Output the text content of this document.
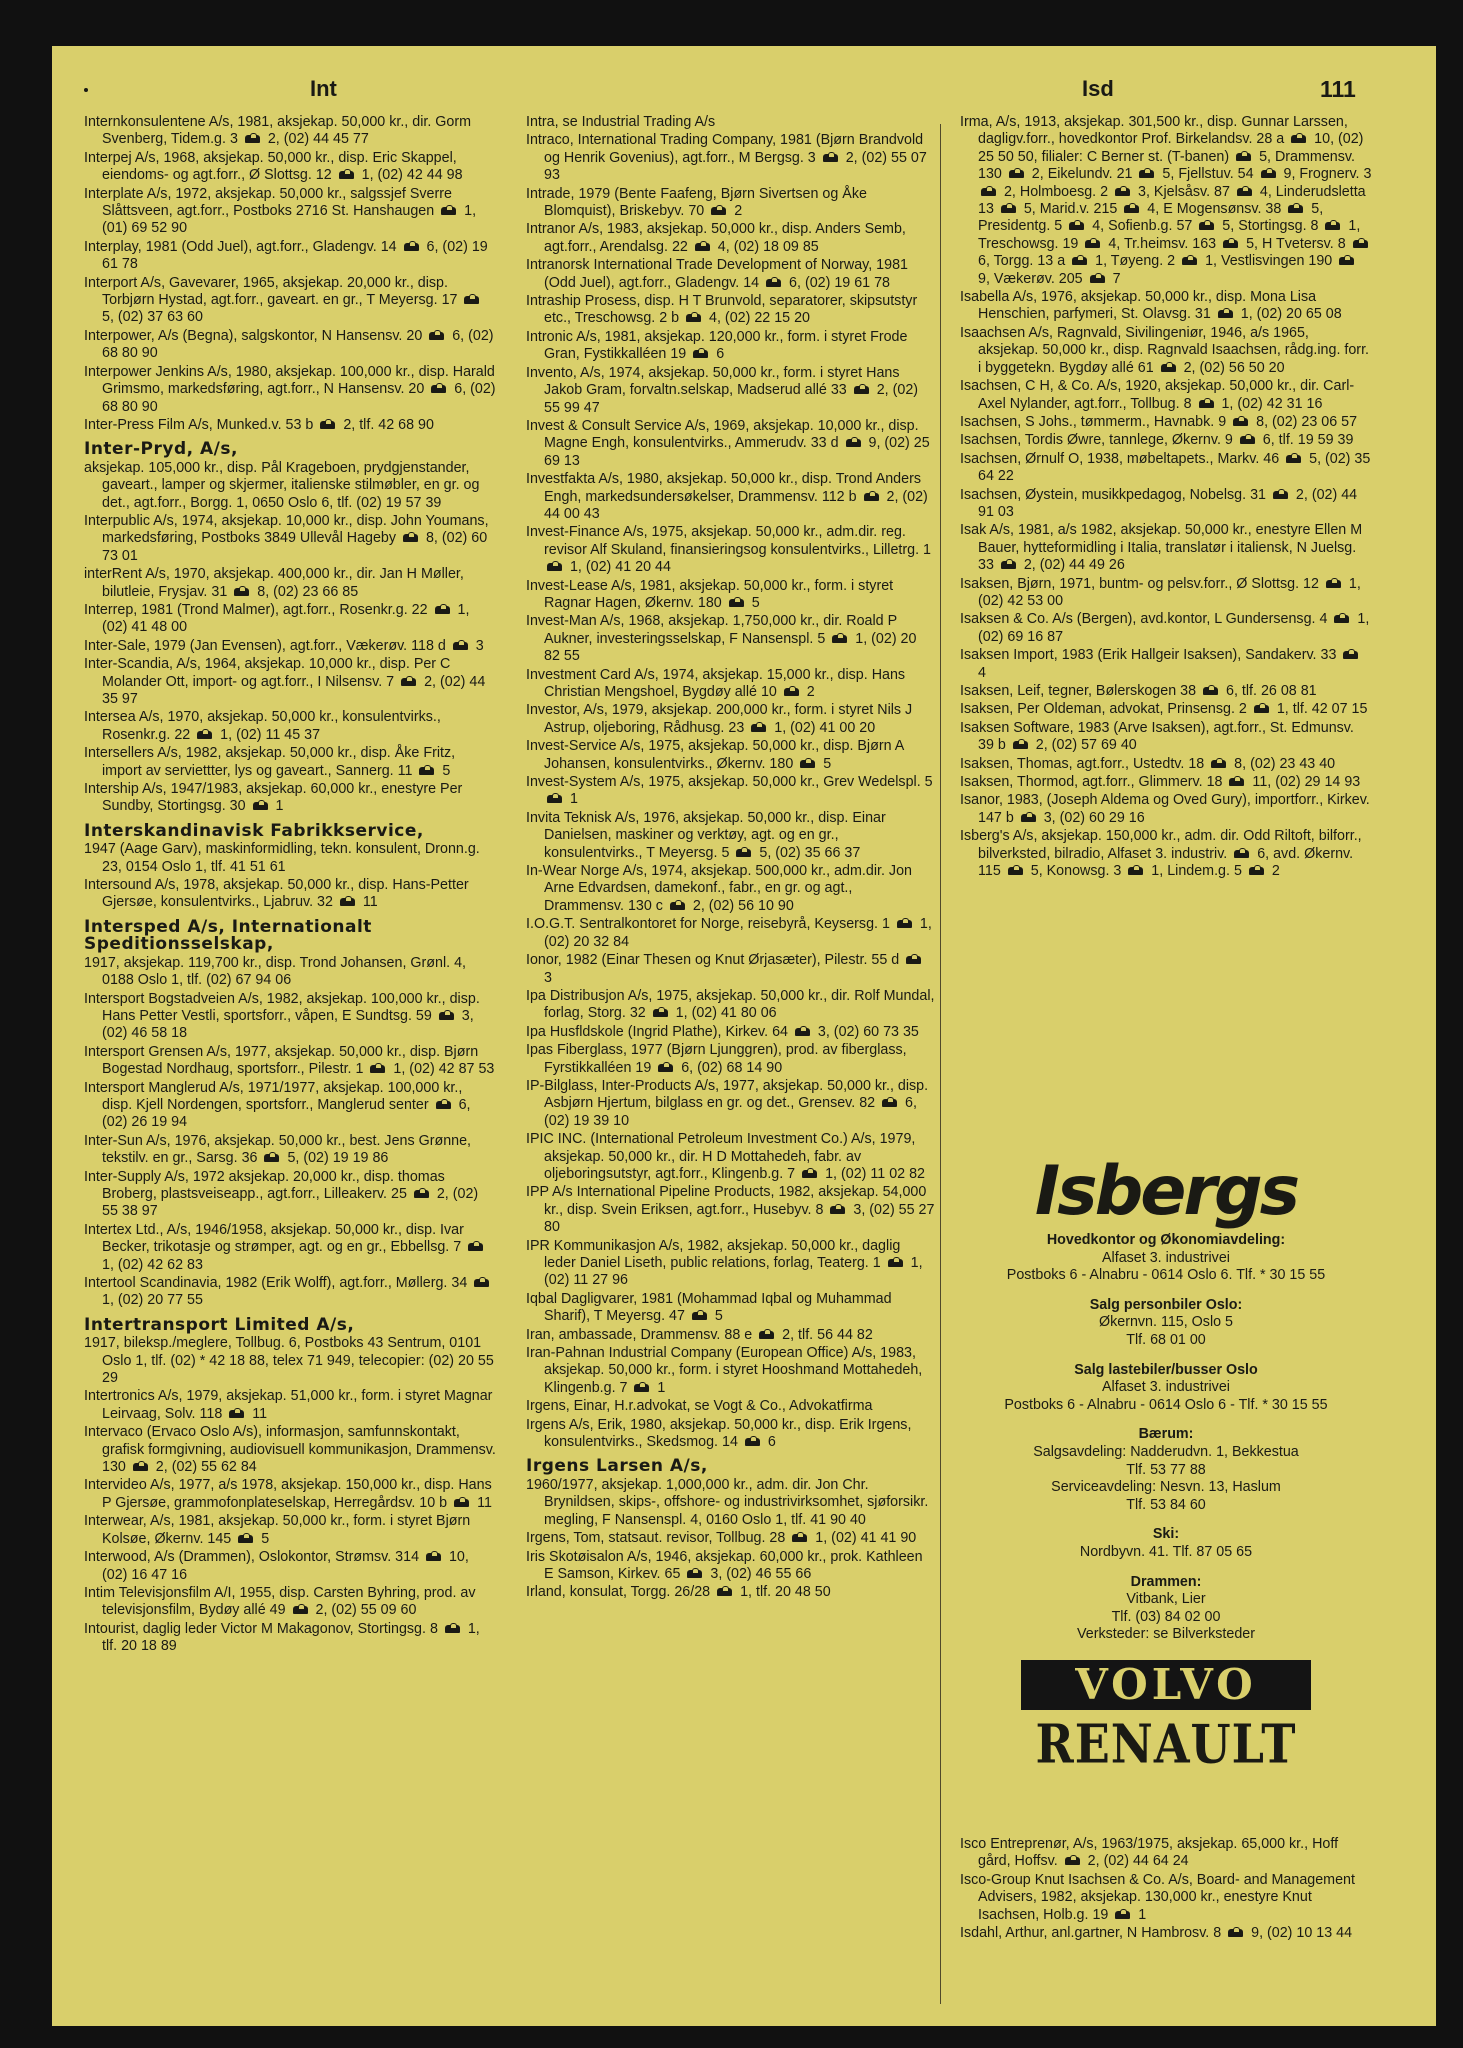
Int	Isd	111
Internkonsulentene A/s, 1981, aksjekap. 50,000 kr., dir. Gorm Svenberg, Tidem.g. 3  2, (02) 44 45 77
Interpej A/s, 1968, aksjekap. 50,000 kr., disp. Eric Skappel, eiendoms- og agt.forr., Ø Slottsg. 12  1, (02) 42 44 98
Interplate A/s, 1972, aksjekap. 50,000 kr., salgssjef Sverre Slåttsveen, agt.forr., Postboks 2716 St. Hanshaugen  1, (01) 69 52 90
Interplay, 1981 (Odd Juel), agt.forr., Gladengv. 14  6, (02) 19 61 78
Interport A/s, Gavevarer, 1965, aksjekap. 20,000 kr., disp. Torbjørn Hystad, agt.forr., gaveart. en gr., T Meyersg. 17  5, (02) 37 63 60
Interpower, A/s (Begna), salgskontor, N Hansensv. 20  6, (02) 68 80 90
Interpower Jenkins A/s, 1980, aksjekap. 100,000 kr., disp. Harald Grimsmo, markedsføring, agt.forr., N Hansensv. 20  6, (02) 68 80 90
Inter-Press Film A/s, Munked.v. 53 b  2, tlf. 42 68 90
Inter-Pryd, A/s,
aksjekap. 105,000 kr., disp. Pål Krageboen, prydgjenstander, gaveart., lamper og skjermer, italienske stilmøbler, en gr. og det., agt.forr., Borgg. 1, 0650 Oslo 6, tlf. (02) 19 57 39
Interpublic A/s, 1974, aksjekap. 10,000 kr., disp. John Youmans, markedsføring, Postboks 3849 Ullevål Hageby  8, (02) 60 73 01
interRent A/s, 1970, aksjekap. 400,000 kr., dir. Jan H Møller, bilutleie, Frysjav. 31  8, (02) 23 66 85
Interrep, 1981 (Trond Malmer), agt.forr., Rosenkr.g. 22  1, (02) 41 48 00
Inter-Sale, 1979 (Jan Evensen), agt.forr., Vækerøv. 118 d  3
Inter-Scandia, A/s, 1964, aksjekap. 10,000 kr., disp. Per C Molander Ott, import- og agt.forr., I Nilsensv. 7  2, (02) 44 35 97
Intersea A/s, 1970, aksjekap. 50,000 kr., konsulentvirks., Rosenkr.g. 22  1, (02) 11 45 37
Intersellers A/s, 1982, aksjekap. 50,000 kr., disp. Åke Fritz, import av serviettter, lys og gaveart., Sannerg. 11  5
Intership A/s, 1947/1983, aksjekap. 60,000 kr., enestyre Per Sundby, Stortingsg. 30  1
Interskandinavisk Fabrikkservice,
1947 (Aage Garv), maskinformidling, tekn. konsulent, Dronn.g. 23, 0154 Oslo 1, tlf. 41 51 61
Intersound A/s, 1978, aksjekap. 50,000 kr., disp. Hans-Petter Gjersøe, konsulentvirks., Ljabruv. 32  11
Intersped A/s, Internationalt Speditionsselskap,
1917, aksjekap. 119,700 kr., disp. Trond Johansen, Grønl. 4, 0188 Oslo 1, tlf. (02) 67 94 06
Intersport Bogstadveien A/s, 1982, aksjekap. 100,000 kr., disp. Hans Petter Vestli, sportsforr., våpen, E Sundtsg. 59  3, (02) 46 58 18
Intersport Grensen A/s, 1977, aksjekap. 50,000 kr., disp. Bjørn Bogestad Nordhaug, sportsforr., Pilestr. 1  1, (02) 42 87 53
Intersport Manglerud A/s, 1971/1977, aksjekap. 100,000 kr., disp. Kjell Nordengen, sportsforr., Manglerud senter  6, (02) 26 19 94
Inter-Sun A/s, 1976, aksjekap. 50,000 kr., best. Jens Grønne, tekstilv. en gr., Sarsg. 36  5, (02) 19 19 86
Inter-Supply A/s, 1972 aksjekap. 20,000 kr., disp. thomas Broberg, plastsveiseapp., agt.forr., Lilleakerv. 25  2, (02) 55 38 97
Intertex Ltd., A/s, 1946/1958, aksjekap. 50,000 kr., disp. Ivar Becker, trikotasje og strømper, agt. og en gr., Ebbellsg. 7  1, (02) 42 62 83
Intertool Scandinavia, 1982 (Erik Wolff), agt.forr., Møllerg. 34  1, (02) 20 77 55
Intertransport Limited A/s,
1917, bileksp./meglere, Tollbug. 6, Postboks 43 Sentrum, 0101 Oslo 1, tlf. (02) * 42 18 88, telex 71 949, telecopier: (02) 20 55 29
Intertronics A/s, 1979, aksjekap. 51,000 kr., form. i styret Magnar Leirvaag, Solv. 118  11
Intervaco (Ervaco Oslo A/s), informasjon, samfunnskontakt, grafisk formgivning, audiovisuell kommunikasjon, Drammensv. 130  2, (02) 55 62 84
Intervideo A/s, 1977, a/s 1978, aksjekap. 150,000 kr., disp. Hans P Gjersøe, grammofonplateselskap, Herregårdsv. 10 b  11
Interwear, A/s, 1981, aksjekap. 50,000 kr., form. i styret Bjørn Kolsøe, Økernv. 145  5
Interwood, A/s (Drammen), Oslokontor, Strømsv. 314  10, (02) 16 47 16
Intim Televisjonsfilm A/I, 1955, disp. Carsten Byhring, prod. av televisjonsfilm, Bydøy allé 49  2, (02) 55 09 60
Intourist, daglig leder Victor M Makagonov, Stortingsg. 8  1, tlf. 20 18 89
Intra, se Industrial Trading A/s
Intraco, International Trading Company, 1981 (Bjørn Brandvold og Henrik Govenius), agt.forr., M Bergsg. 3  2, (02) 55 07 93
Intrade, 1979 (Bente Faafeng, Bjørn Sivertsen og Åke Blomquist), Briskebyv. 70  2
Intranor A/s, 1983, aksjekap. 50,000 kr., disp. Anders Semb, agt.forr., Arendalsg. 22  4, (02) 18 09 85
Intranorsk International Trade Development of Norway, 1981 (Odd Juel), agt.forr., Gladengv. 14  6, (02) 19 61 78
Intraship Prosess, disp. H T Brunvold, separatorer, skipsutstyr etc., Treschowsg. 2 b  4, (02) 22 15 20
Intronic A/s, 1981, aksjekap. 120,000 kr., form. i styret Frode Gran, Fystikkalléen 19  6
Invento, A/s, 1974, aksjekap. 50,000 kr., form. i styret Hans Jakob Gram, forvaltn.selskap, Madserud allé 33  2, (02) 55 99 47
Invest & Consult Service A/s, 1969, aksjekap. 10,000 kr., disp. Magne Engh, konsulentvirks., Ammerudv. 33 d  9, (02) 25 69 13
Investfakta A/s, 1980, aksjekap. 50,000 kr., disp. Trond Anders Engh, markedsundersøkelser, Drammensv. 112 b  2, (02) 44 00 43
Invest-Finance A/s, 1975, aksjekap. 50,000 kr., adm.dir. reg. revisor Alf Skuland, finansieringsog konsulentvirks., Lilletrg. 1  1, (02) 41 20 44
Invest-Lease A/s, 1981, aksjekap. 50,000 kr., form. i styret Ragnar Hagen, Økernv. 180  5
Invest-Man A/s, 1968, aksjekap. 1,750,000 kr., dir. Roald P Aukner, investeringsselskap, F Nansenspl. 5  1, (02) 20 82 55
Investment Card A/s, 1974, aksjekap. 15,000 kr., disp. Hans Christian Mengshoel, Bygdøy allé 10  2
Investor, A/s, 1979, aksjekap. 200,000 kr., form. i styret Nils J Astrup, oljeboring, Rådhusg. 23  1, (02) 41 00 20
Invest-Service A/s, 1975, aksjekap. 50,000 kr., disp. Bjørn A Johansen, konsulentvirks., Økernv. 180  5
Invest-System A/s, 1975, aksjekap. 50,000 kr., Grev Wedelspl. 5  1
Invita Teknisk A/s, 1976, aksjekap. 50,000 kr., disp. Einar Danielsen, maskiner og verktøy, agt. og en gr., konsulentvirks., T Meyersg. 5  5, (02) 35 66 37
In-Wear Norge A/s, 1974, aksjekap. 500,000 kr., adm.dir. Jon Arne Edvardsen, damekonf., fabr., en gr. og agt., Drammensv. 130 c  2, (02) 56 10 90
I.O.G.T. Sentralkontoret for Norge, reisebyrå, Keysersg. 1  1, (02) 20 32 84
Ionor, 1982 (Einar Thesen og Knut Ørjasæter), Pilestr. 55 d  3
Ipa Distribusjon A/s, 1975, aksjekap. 50,000 kr., dir. Rolf Mundal, forlag, Storg. 32  1, (02) 41 80 06
Ipa Husfldskole (Ingrid Plathe), Kirkev. 64  3, (02) 60 73 35
Ipas Fiberglass, 1977 (Bjørn Ljunggren), prod. av fiberglass, Fyrstikkalléen 19  6, (02) 68 14 90
IP-Bilglass, Inter-Products A/s, 1977, aksjekap. 50,000 kr., disp. Asbjørn Hjertum, bilglass en gr. og det., Grensev. 82  6, (02) 19 39 10
IPIC INC. (International Petroleum Investment Co.) A/s, 1979, aksjekap. 50,000 kr., dir. H D Mottahedeh, fabr. av oljeboringsutstyr, agt.forr., Klingenb.g. 7  1, (02) 11 02 82
IPP A/s International Pipeline Products, 1982, aksjekap. 54,000 kr., disp. Svein Eriksen, agt.forr., Husebyv. 8  3, (02) 55 27 80
IPR Kommunikasjon A/s, 1982, aksjekap. 50,000 kr., daglig leder Daniel Liseth, public relations, forlag, Teaterg. 1  1, (02) 11 27 96
Iqbal Dagligvarer, 1981 (Mohammad Iqbal og Muhammad Sharif), T Meyersg. 47  5
Iran, ambassade, Drammensv. 88 e  2, tlf. 56 44 82
Iran-Pahnan Industrial Company (European Office) A/s, 1983, aksjekap. 50,000 kr., form. i styret Hooshmand Mottahedeh, Klingenb.g. 7  1
Irgens, Einar, H.r.advokat, se Vogt & Co., Advokatfirma
Irgens A/s, Erik, 1980, aksjekap. 50,000 kr., disp. Erik Irgens, konsulentvirks., Skedsmog. 14  6
Irgens Larsen A/s,
1960/1977, aksjekap. 1,000,000 kr., adm. dir. Jon Chr. Brynildsen, skips-, offshore- og industrivirksomhet, sjøforsikr. megling, F Nansenspl. 4, 0160 Oslo 1, tlf. 41 90 40
Irgens, Tom, statsaut. revisor, Tollbug. 28  1, (02) 41 41 90
Iris Skotøisalon A/s, 1946, aksjekap. 60,000 kr., prok. Kathleen E Samson, Kirkev. 65  3, (02) 46 55 66
Irland, konsulat, Torgg. 26/28  1, tlf. 20 48 50
Irma, A/s, 1913, aksjekap. 301,500 kr., disp. Gunnar Larssen, dagligv.forr., hovedkontor Prof. Birkelandsv. 28 a  10, (02) 25 50 50, filialer: C Berner st. (T-banen)  5, Drammensv. 130  2, Eikelundv. 21  5, Fjellstuv. 54  9, Frognerv. 3  2, Holmboesg. 2  3, Kjelsåsv. 87  4, Linderudsletta 13  5, Marid.v. 215  4, E Mogensønsv. 38  5, Presidentg. 5  4, Sofienb.g. 57  5, Stortingsg. 8  1, Treschowsg. 19  4, Tr.heimsv. 163  5, H Tvetersv. 8  6, Torgg. 13 a  1, Tøyeng. 2  1, Vestlisvingen 190  9, Vækerøv. 205  7
Isabella A/s, 1976, aksjekap. 50,000 kr., disp. Mona Lisa Henschien, parfymeri, St. Olavsg. 31  1, (02) 20 65 08
Isaachsen A/s, Ragnvald, Sivilingeniør, 1946, a/s 1965, aksjekap. 50,000 kr., disp. Ragnvald Isaachsen, rådg.ing. forr. i byggetekn. Bygdøy allé 61  2, (02) 56 50 20
Isachsen, C H, & Co. A/s, 1920, aksjekap. 50,000 kr., dir. Carl-Axel Nylander, agt.forr., Tollbug. 8  1, (02) 42 31 16
Isachsen, S Johs., tømmerm., Havnabk. 9  8, (02) 23 06 57
Isachsen, Tordis Øwre, tannlege, Økernv. 9  6, tlf. 19 59 39
Isachsen, Ørnulf O, 1938, møbeltapets., Markv. 46  5, (02) 35 64 22
Isachsen, Øystein, musikkpedagog, Nobelsg. 31  2, (02) 44 91 03
Isak A/s, 1981, a/s 1982, aksjekap. 50,000 kr., enestyre Ellen M Bauer, hytteformidling i Italia, translatør i italiensk, N Juelsg. 33  2, (02) 44 49 26
Isaksen, Bjørn, 1971, buntm- og pelsv.forr., Ø Slottsg. 12  1, (02) 42 53 00
Isaksen & Co. A/s (Bergen), avd.kontor, L Gundersensg. 4  1, (02) 69 16 87
Isaksen Import, 1983 (Erik Hallgeir Isaksen), Sandakerv. 33  4
Isaksen, Leif, tegner, Bølerskogen 38  6, tlf. 26 08 81
Isaksen, Per Oldeman, advokat, Prinsensg. 2  1, tlf. 42 07 15
Isaksen Software, 1983 (Arve Isaksen), agt.forr., St. Edmunsv. 39 b  2, (02) 57 69 40
Isaksen, Thomas, agt.forr., Ustedtv. 18  8, (02) 23 43 40
Isaksen, Thormod, agt.forr., Glimmerv. 18  11, (02) 29 14 93
Isanor, 1983, (Joseph Aldema og Oved Gury), importforr., Kirkev. 147 b  3, (02) 60 29 16
Isberg's A/s, aksjekap. 150,000 kr., adm. dir. Odd Riltoft, bilforr., bilverksted, bilradio, Alfaset 3. industriv.  6, avd. Økernv. 115  5, Konowsg. 3  1, Lindem.g. 5  2
Isbergs
Hovedkontor og Økonomiavdeling:
Alfaset 3. industrivei
Postboks 6 - Alnabru - 0614 Oslo 6. Tlf. * 30 15 55
Salg personbiler Oslo:
Økernvn. 115, Oslo 5
Tlf. 68 01 00
Salg lastebiler/busser Oslo
Alfaset 3. industrivei
Postboks 6 - Alnabru - 0614 Oslo 6 - Tlf. * 30 15 55
Bærum:
Salgsavdeling: Nadderudvn. 1, Bekkestua
Tlf. 53 77 88
Serviceavdeling: Nesvn. 13, Haslum
Tlf. 53 84 60
Ski:
Nordbyvn. 41. Tlf. 87 05 65
Drammen:
Vitbank, Lier
Tlf. (03) 84 02 00
Verksteder: se Bilverksteder
VOLVO
RENAULT
Isco Entreprenør, A/s, 1963/1975, aksjekap. 65,000 kr., Hoff gård, Hoffsv.  2, (02) 44 64 24
Isco-Group Knut Isachsen & Co. A/s, Board- and Management Advisers, 1982, aksjekap. 130,000 kr., enestyre Knut Isachsen, Holb.g. 19  1
Isdahl, Arthur, anl.gartner, N Hambrosv. 8  9, (02) 10 13 44
